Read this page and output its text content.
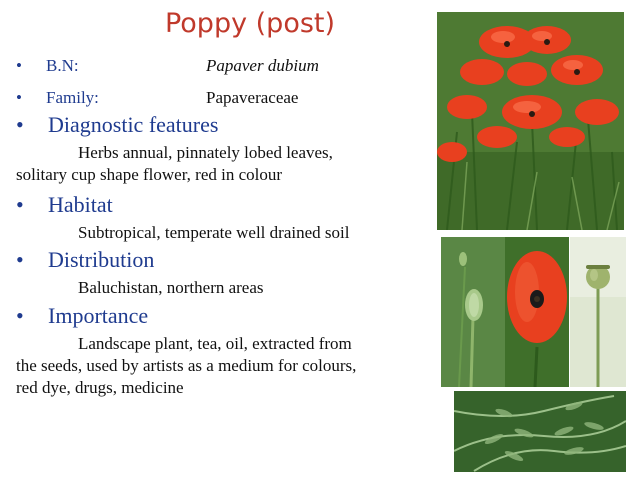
Poppy (post)
• B.N:	Papaver dubium
• Family:	Papaveraceae
• Diagnostic features
Herbs annual, pinnately lobed leaves,
solitary cup shape flower, red in colour
• Habitat
Subtropical, temperate well drained soil
• Distribution
Baluchistan, northern areas
• Importance
Landscape plant, tea, oil, extracted from
the seeds, used by artists as a medium for colours,
red dye, drugs, medicine
